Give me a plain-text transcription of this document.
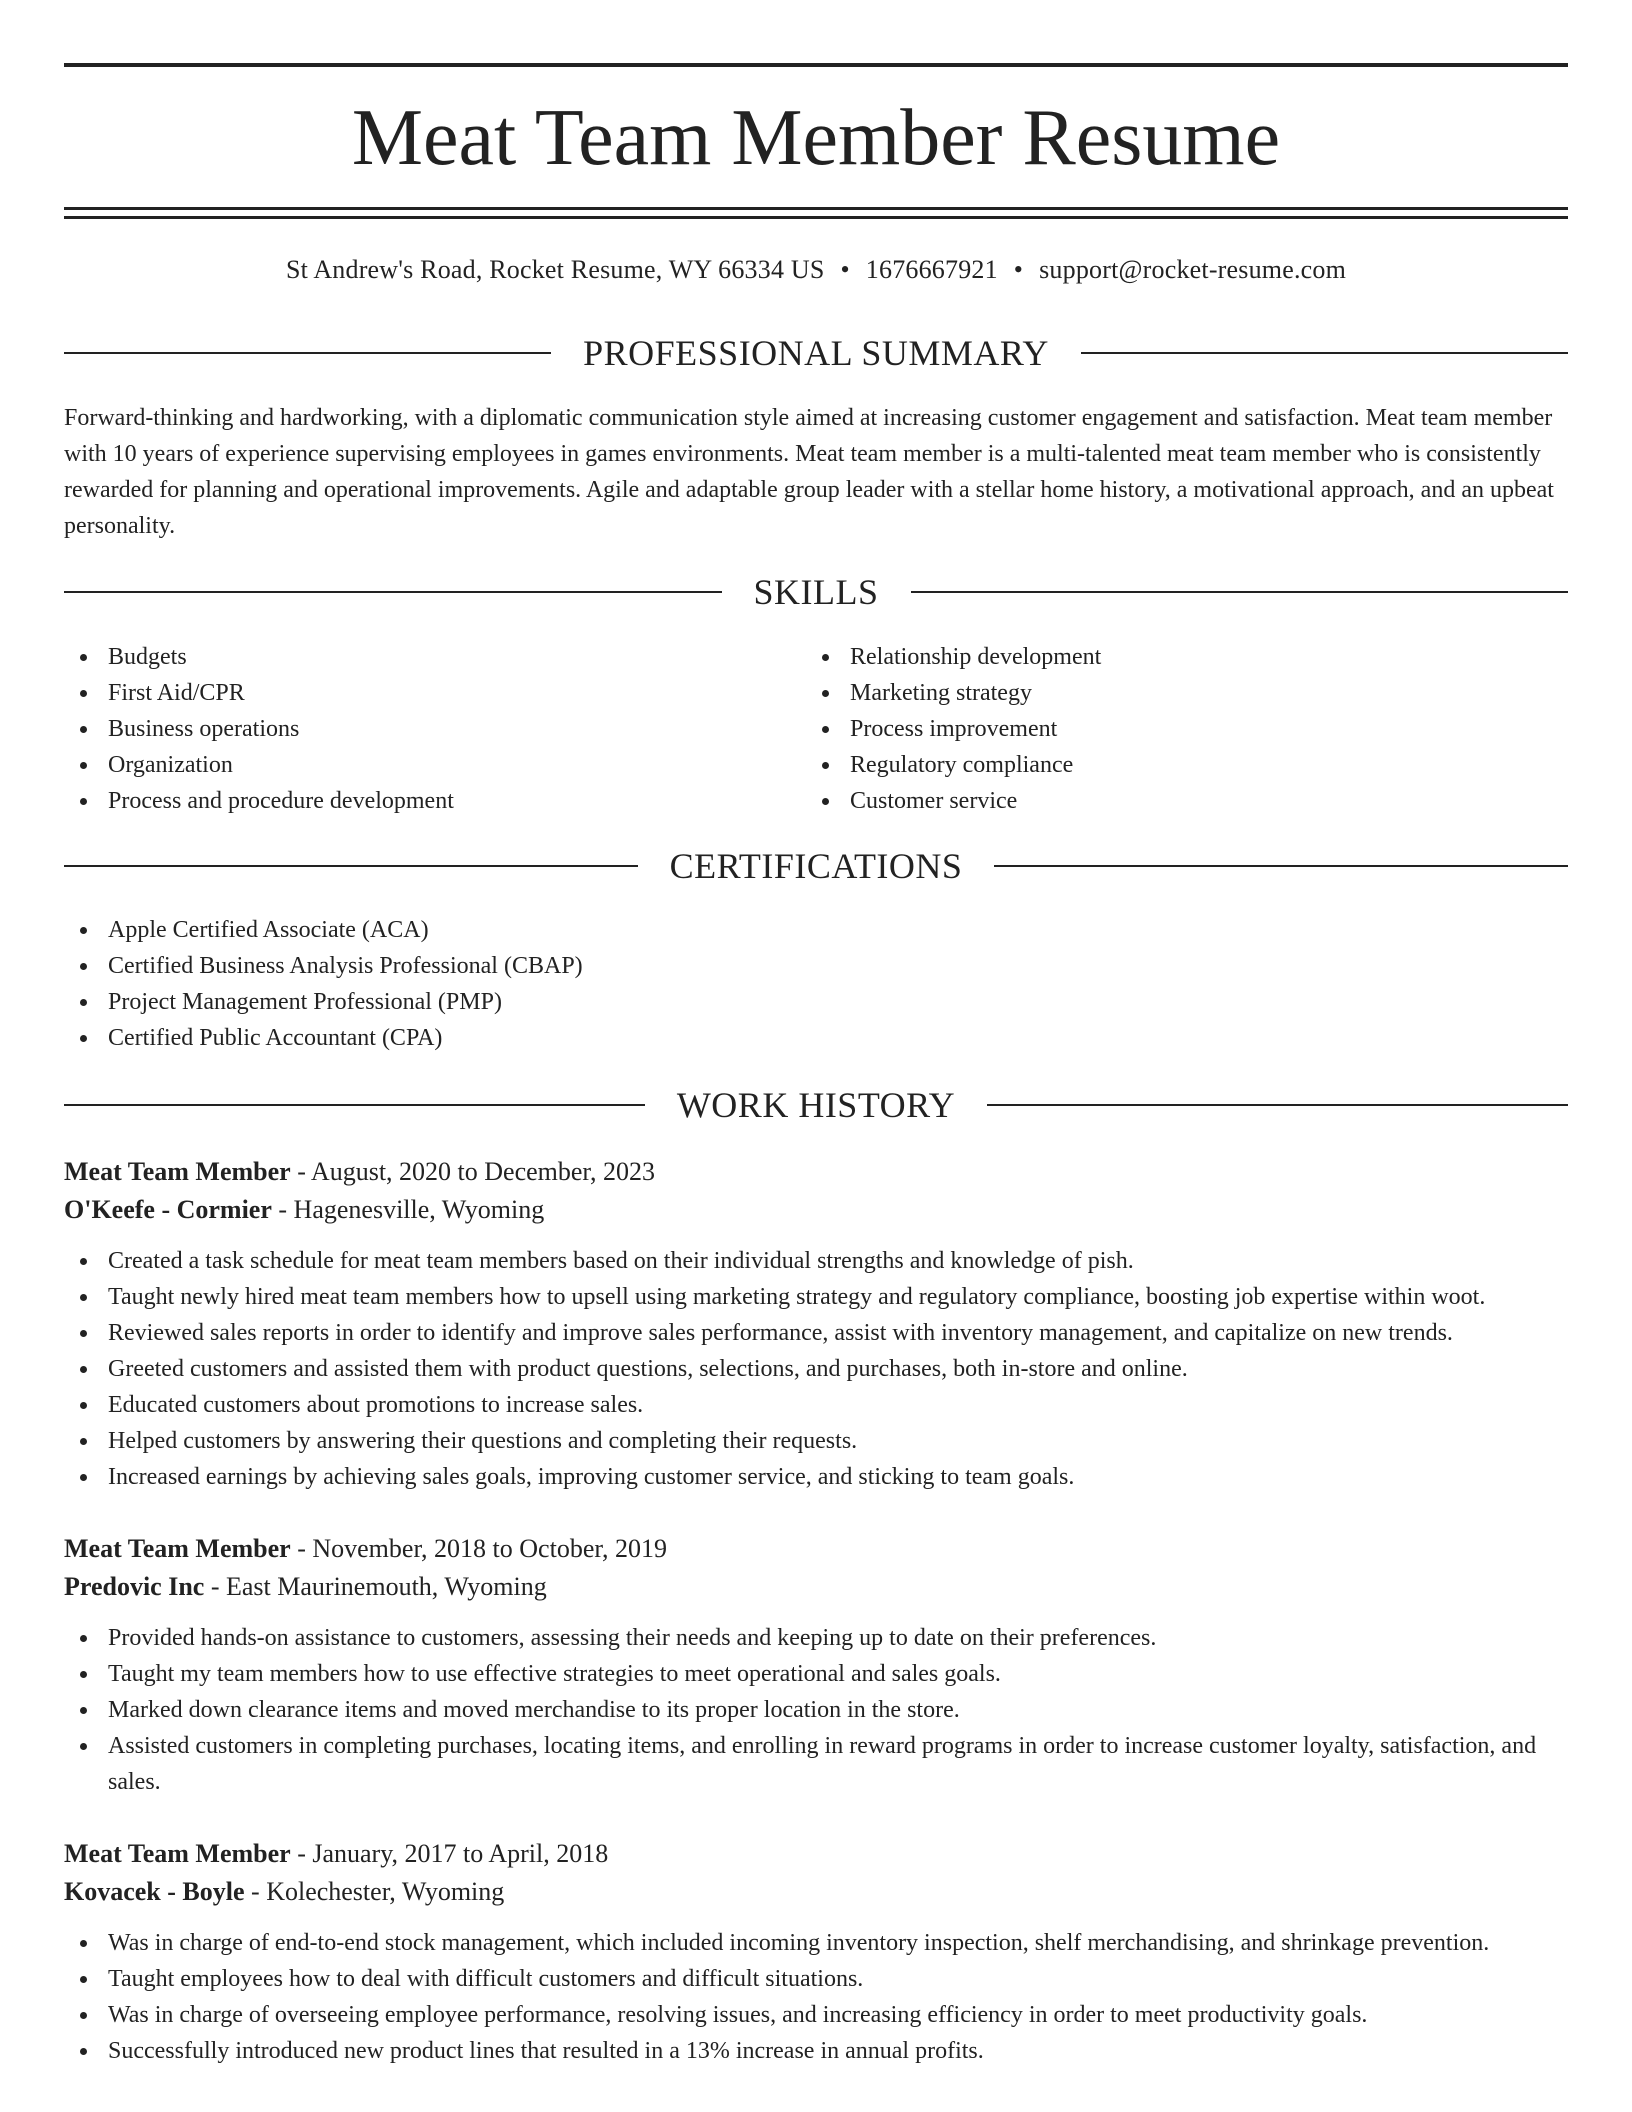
Meat Team Member Resume
St Andrew's Road, Rocket Resume, WY 66334 US • 1676667921 • support@rocket-resume.com
PROFESSIONAL SUMMARY

Forward-thinking and hardworking, with a diplomatic communication style aimed at increasing customer engagement and satisfaction. Meat team member with 10 years of experience supervising employees in games environments. Meat team member is a multi-talented meat team member who is consistently rewarded for planning and operational improvements. Agile and adaptable group leader with a stellar home history, a motivational approach, and an upbeat personality.

SKILLS
Budgets
First Aid/CPR
Business operations
Organization
Process and procedure development
Relationship development
Marketing strategy
Process improvement
Regulatory compliance
Customer service
CERTIFICATIONS
Apple Certified Associate (ACA)
Certified Business Analysis Professional (CBAP)
Project Management Professional (PMP)
Certified Public Accountant (CPA)
WORK HISTORY

Meat Team Member - August, 2020 to December, 2023

O'Keefe - Cormier - Hagenesville, Wyoming

Created a task schedule for meat team members based on their individual strengths and knowledge of pish.
Taught newly hired meat team members how to upsell using marketing strategy and regulatory compliance, boosting job expertise within woot.
Reviewed sales reports in order to identify and improve sales performance, assist with inventory management, and capitalize on new trends.
Greeted customers and assisted them with product questions, selections, and purchases, both in-store and online.
Educated customers about promotions to increase sales.
Helped customers by answering their questions and completing their requests.
Increased earnings by achieving sales goals, improving customer service, and sticking to team goals.

Meat Team Member - November, 2018 to October, 2019

Predovic Inc - East Maurinemouth, Wyoming

Provided hands-on assistance to customers, assessing their needs and keeping up to date on their preferences.
Taught my team members how to use effective strategies to meet operational and sales goals.
Marked down clearance items and moved merchandise to its proper location in the store.
Assisted customers in completing purchases, locating items, and enrolling in reward programs in order to increase customer loyalty, satisfaction, and sales.

Meat Team Member - January, 2017 to April, 2018

Kovacek - Boyle - Kolechester, Wyoming

Was in charge of end-to-end stock management, which included incoming inventory inspection, shelf merchandising, and shrinkage prevention.
Taught employees how to deal with difficult customers and difficult situations.
Was in charge of overseeing employee performance, resolving issues, and increasing efficiency in order to meet productivity goals.
Successfully introduced new product lines that resulted in a 13% increase in annual profits.
